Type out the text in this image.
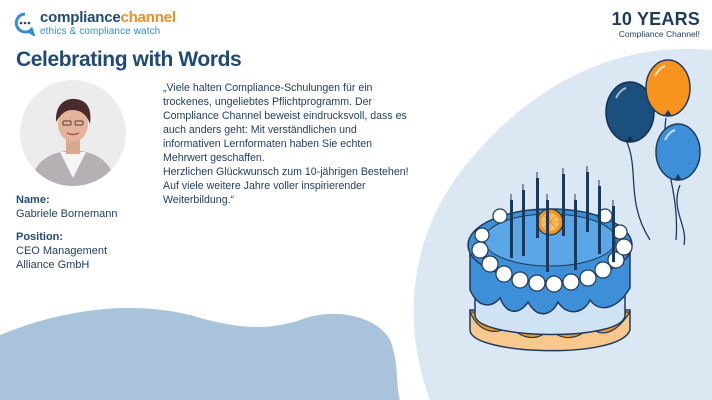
compliancechannel
ethics & compliance watch
10 YEARS
Compliance Channel!
Celebrating with Words
Name:
Gabriele Bornemann
Position:
CEO Management
Alliance GmbH
„Viele halten Compliance-Schulungen für ein trockenes, ungeliebtes Pflichtprogramm. Der Compliance Channel beweist eindrucksvoll, dass es auch anders geht: Mit verständlichen und informativen Lernformaten haben Sie echten Mehrwert geschaffen.
Herzlichen Glückwunsch zum 10-jährigen Bestehen! Auf viele weitere Jahre voller inspirierender Weiterbildung.“
